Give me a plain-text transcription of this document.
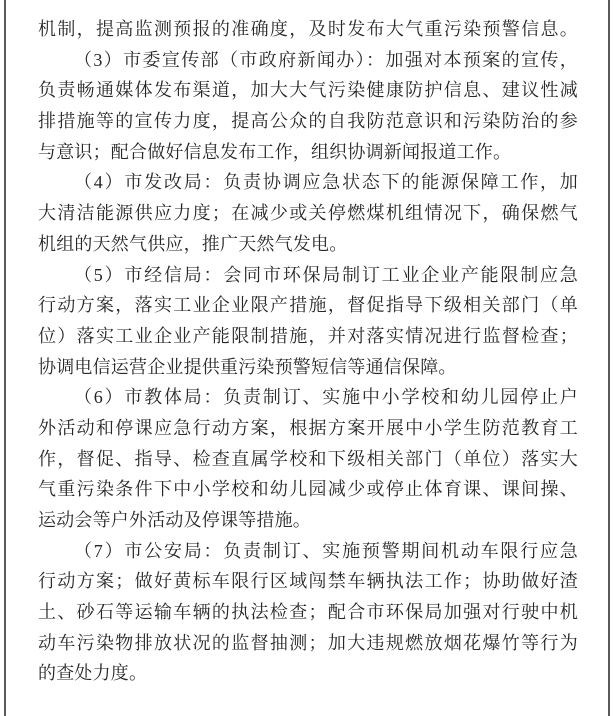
机制，提高监测预报的准确度，及时发布大气重污染预警信息。
（3）市委宣传部（市政府新闻办）：加强对本预案的宣传，
负责畅通媒体发布渠道，加大大气污染健康防护信息、建议性减
排措施等的宣传力度，提高公众的自我防范意识和污染防治的参
与意识；配合做好信息发布工作，组织协调新闻报道工作。
（4）市发改局：负责协调应急状态下的能源保障工作，加
大清洁能源供应力度；在减少或关停燃煤机组情况下，确保燃气
机组的天然气供应，推广天然气发电。
（5）市经信局：会同市环保局制订工业企业产能限制应急
行动方案，落实工业企业限产措施，督促指导下级相关部门（单
位）落实工业企业产能限制措施，并对落实情况进行监督检查；
协调电信运营企业提供重污染预警短信等通信保障。
（6）市教体局：负责制订、实施中小学校和幼儿园停止户
外活动和停课应急行动方案，根据方案开展中小学生防范教育工
作，督促、指导、检查直属学校和下级相关部门（单位）落实大
气重污染条件下中小学校和幼儿园减少或停止体育课、课间操、
运动会等户外活动及停课等措施。
（7）市公安局：负责制订、实施预警期间机动车限行应急
行动方案；做好黄标车限行区域闯禁车辆执法工作；协助做好渣
土、砂石等运输车辆的执法检查；配合市环保局加强对行驶中机
动车污染物排放状况的监督抽测；加大违规燃放烟花爆竹等行为
的查处力度。
